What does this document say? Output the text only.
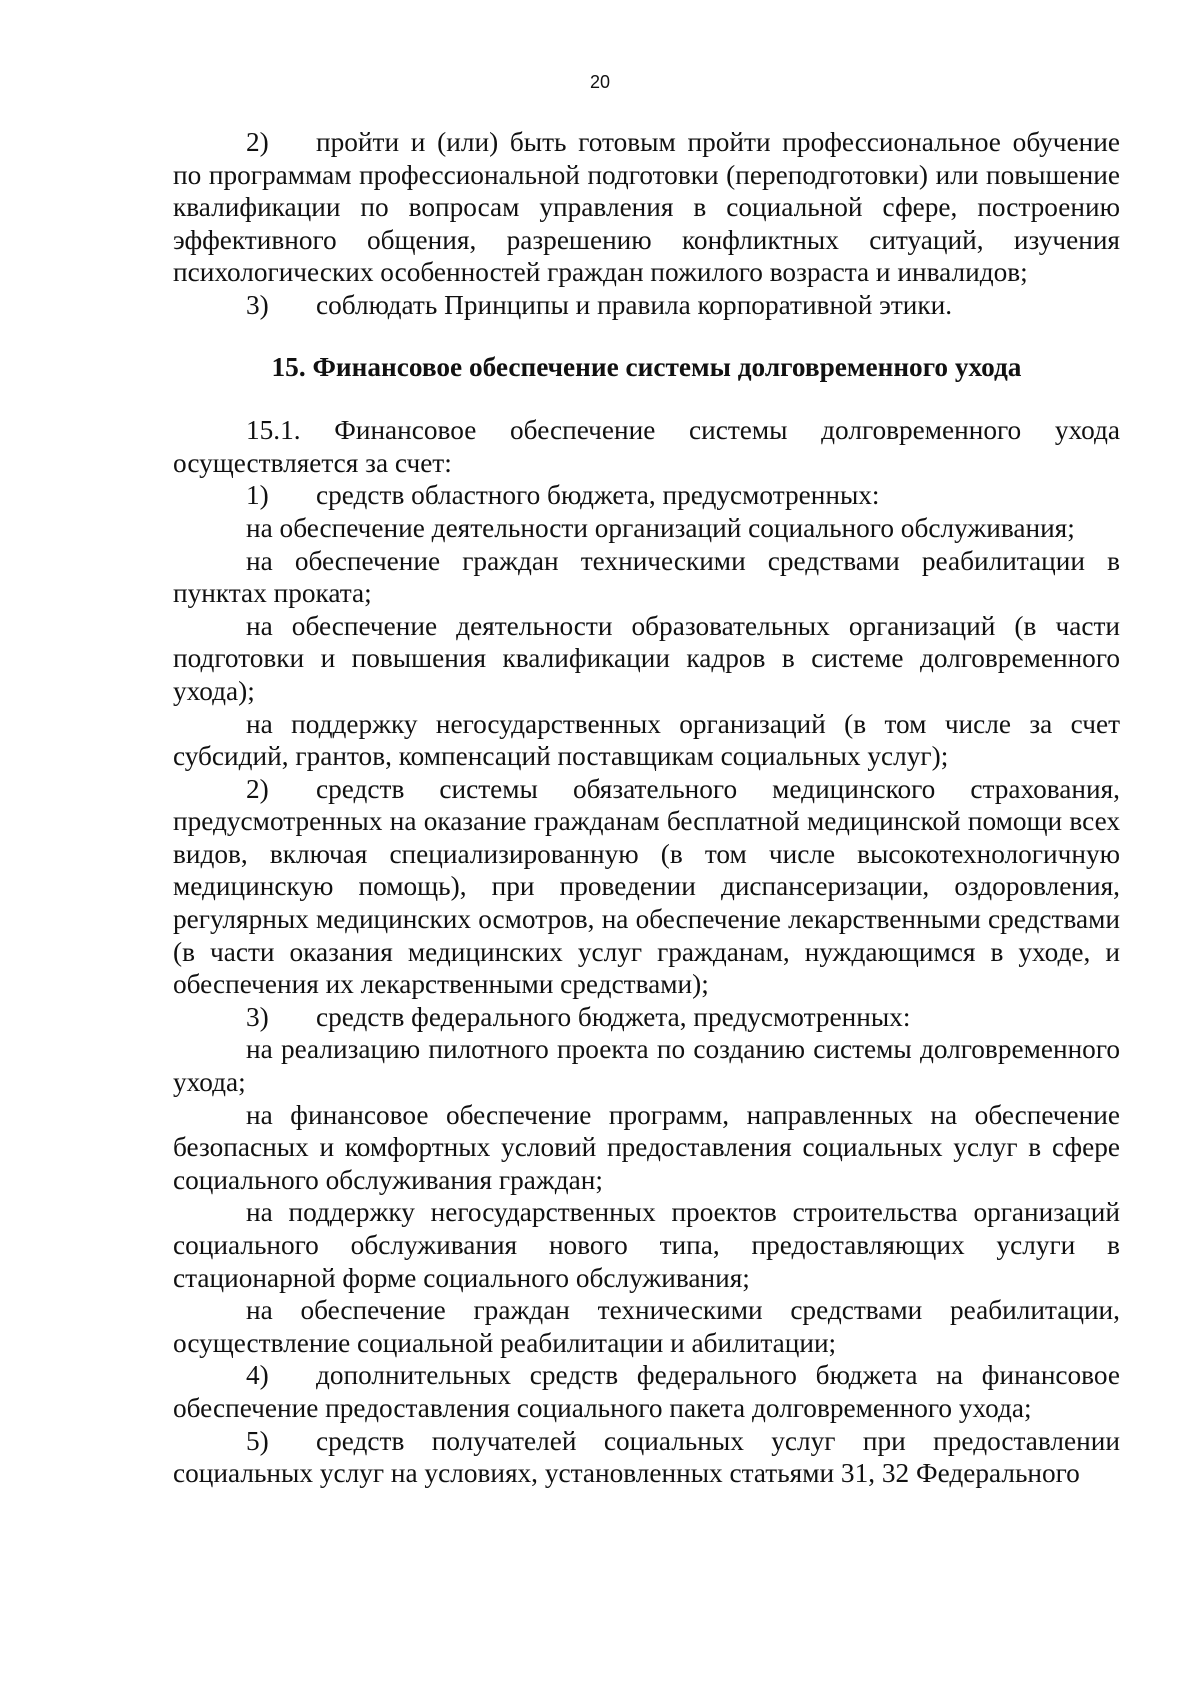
20
2)	пройти и (или) быть готовым пройти профессиональное обучение по программам профессиональной подготовки (переподготовки) или повышение квалификации по вопросам управления в социальной сфере, построению эффективного общения, разрешению конфликтных ситуаций, изучения психологических особенностей граждан пожилого возраста и инвалидов;

3)	соблюдать Принципы и правила корпоративной этики.

15. Финансовое обеспечение системы долговременного ухода

15.1. Финансовое обеспечение системы долговременного ухода осуществляется за счет:

1)	средств областного бюджета, предусмотренных:

на обеспечение деятельности организаций социального обслуживания;

на обеспечение граждан техническими средствами реабилитации в пунктах проката;

на обеспечение деятельности образовательных организаций (в части подготовки и повышения квалификации кадров в системе долговременного ухода);

на поддержку негосударственных организаций (в том числе за счет субсидий, грантов, компенсаций поставщикам социальных услуг);

2)	средств системы обязательного медицинского страхования, предусмотренных на оказание гражданам бесплатной медицинской помощи всех видов, включая специализированную (в том числе высокотехнологичную медицинскую помощь), при проведении диспансеризации, оздоровления, регулярных медицинских осмотров, на обеспечение лекарственными средствами (в части оказания медицинских услуг гражданам, нуждающимся в уходе, и обеспечения их лекарственными средствами);

3)	средств федерального бюджета, предусмотренных:

на реализацию пилотного проекта по созданию системы долговременного ухода;

на финансовое обеспечение программ, направленных на обеспечение безопасных и комфортных условий предоставления социальных услуг в сфере социального обслуживания граждан;

на поддержку негосударственных проектов строительства организаций социального обслуживания нового типа, предоставляющих услуги в стационарной форме социального обслуживания;

на обеспечение граждан техническими средствами реабилитации, осуществление социальной реабилитации и абилитации;

4)	дополнительных средств федерального бюджета на финансовое обеспечение предоставления социального пакета долговременного ухода;

5)	средств получателей социальных услуг при предоставлении социальных услуг на условиях, установленных статьями 31, 32 Федерального
